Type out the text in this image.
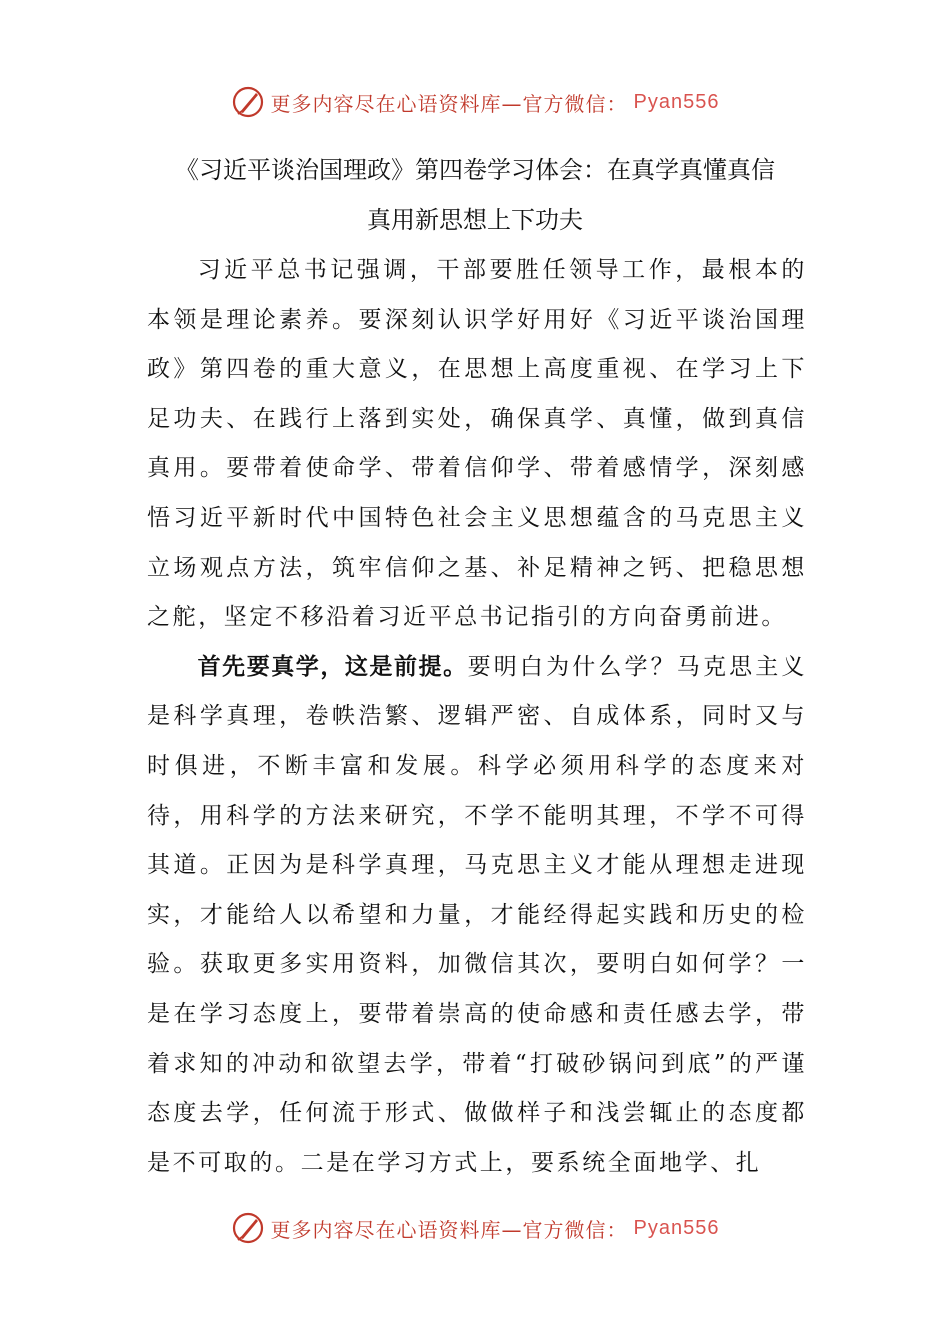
更多内容尽在心语资料库—官方微信： Pyan556
《习近平谈治国理政》第四卷学习体会：在真学真懂真信
真用新思想上下功夫

习近平总书记强调，干部要胜任领导工作，最根本的本领是理论素养。要深刻认识学好用好《习近平谈治国理政》第四卷的重大意义，在思想上高度重视、在学习上下足功夫、在践行上落到实处，确保真学、真懂，做到真信真用。要带着使命学、带着信仰学、带着感情学，深刻感悟习近平新时代中国特色社会主义思想蕴含的马克思主义立场观点方法，筑牢信仰之基、补足精神之钙、把稳思想之舵，坚定不移沿着习近平总书记指引的方向奋勇前进。

首先要真学，这是前提。要明白为什么学？马克思主义是科学真理，卷帙浩繁、逻辑严密、自成体系，同时又与时俱进，不断丰富和发展。科学必须用科学的态度来对待，用科学的方法来研究，不学不能明其理，不学不可得其道。正因为是科学真理，马克思主义才能从理想走进现实，才能给人以希望和力量，才能经得起实践和历史的检验。获取更多实用资料，加微信其次，要明白如何学？一是在学习态度上，要带着崇高的使命感和责任感去学，带着求知的冲动和欲望去学，带着“打破砂锅问到底”的严谨态度去学，任何流于形式、做做样子和浅尝辄止的态度都是不可取的。二是在学习方式上，要系统全面地学、扎

更多内容尽在心语资料库—官方微信： Pyan556
